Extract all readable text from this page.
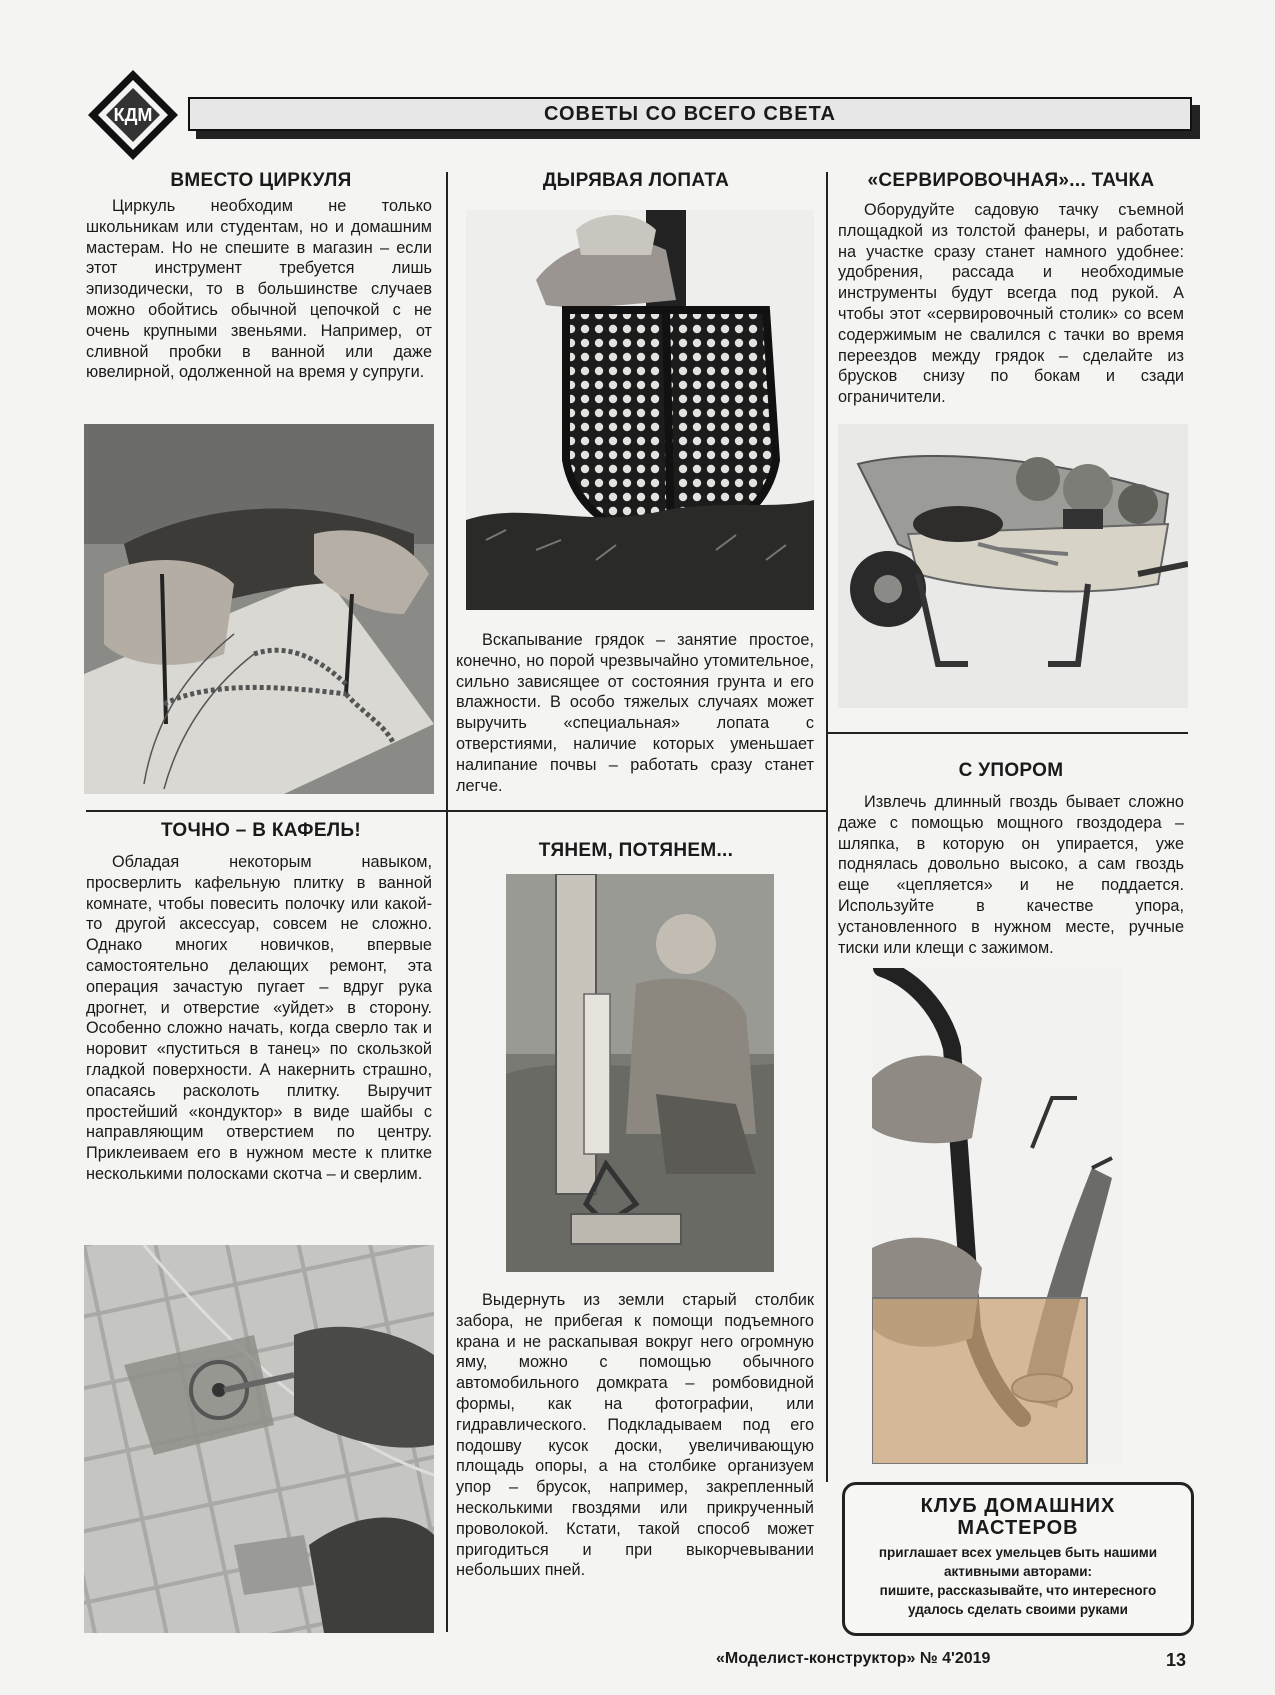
КДМ	СОВЕТЫ СО ВСЕГО СВЕТА
ВМЕСТО ЦИРКУЛЯ
Циркуль необходим не только школьникам или студентам, но и домашним мастерам. Но не спешите в магазин – если этот инструмент требуется лишь эпизодически, то в большинстве случаев можно обойтись обычной цепочкой с не очень крупными звеньями. Например, от сливной пробки в ванной или даже ювелирной, одолженной на время у супруги.
ДЫРЯВАЯ ЛОПАТА
Вскапывание грядок – занятие простое, конечно, но порой чрезвычайно утомительное, сильно зависящее от состояния грунта и его влажности. В особо тяжелых случаях может выручить «специальная» лопата с отверстиями, наличие которых уменьшает налипание почвы – работать сразу станет легче.
«СЕРВИРОВОЧНАЯ»... ТАЧКА
Оборудуйте садовую тачку съемной площадкой из толстой фанеры, и работать на участке сразу станет намного удобнее: удобрения, рассада и необходимые инструменты будут всегда под рукой. А чтобы этот «сервировочный столик» со всем содержимым не свалился с тачки во время переездов между грядок – сделайте из брусков снизу по бокам и сзади ограничители.
ТОЧНО – В КАФЕЛЬ!
Обладая некоторым навыком, просверлить кафельную плитку в ванной комнате, чтобы повесить полочку или какой-то другой аксессуар, совсем не сложно. Однако многих новичков, впервые самостоятельно делающих ремонт, эта операция зачастую пугает – вдруг рука дрогнет, и отверстие «уйдет» в сторону. Особенно сложно начать, когда сверло так и норовит «пуститься в танец» по скользкой гладкой поверхности. А накернить страшно, опасаясь расколоть плитку. Выручит простейший «кондуктор» в виде шайбы с направляющим отверстием по центру. Приклеиваем его в нужном месте к плитке несколькими полосками скотча – и сверлим.
ТЯНЕМ, ПОТЯНЕМ...
Выдернуть из земли старый столбик забора, не прибегая к помощи подъемного крана и не раскапывая вокруг него огромную яму, можно с помощью обычного автомобильного домкрата – ромбовидной формы, как на фотографии, или гидравлического. Подкладываем под его подошву кусок доски, увеличивающую площадь опоры, а на столбике организуем упор – брусок, например, закрепленный несколькими гвоздями или прикрученный проволокой. Кстати, такой способ может пригодиться и при выкорчевывании небольших пней.
С УПОРОМ
Извлечь длинный гвоздь бывает сложно даже с помощью мощного гвоздодера – шляпка, в которую он упирается, уже поднялась довольно высоко, а сам гвоздь еще «цепляется» и не поддается. Используйте в качестве упора, установленного в нужном месте, ручные тиски или клещи с зажимом.
КЛУБ ДОМАШНИХ
МАСТЕРОВ
приглашает всех умельцев быть нашими
активными авторами:
пишите, рассказывайте, что интересного
удалось сделать своими руками
«Моделист-конструктор» № 4'2019	13
